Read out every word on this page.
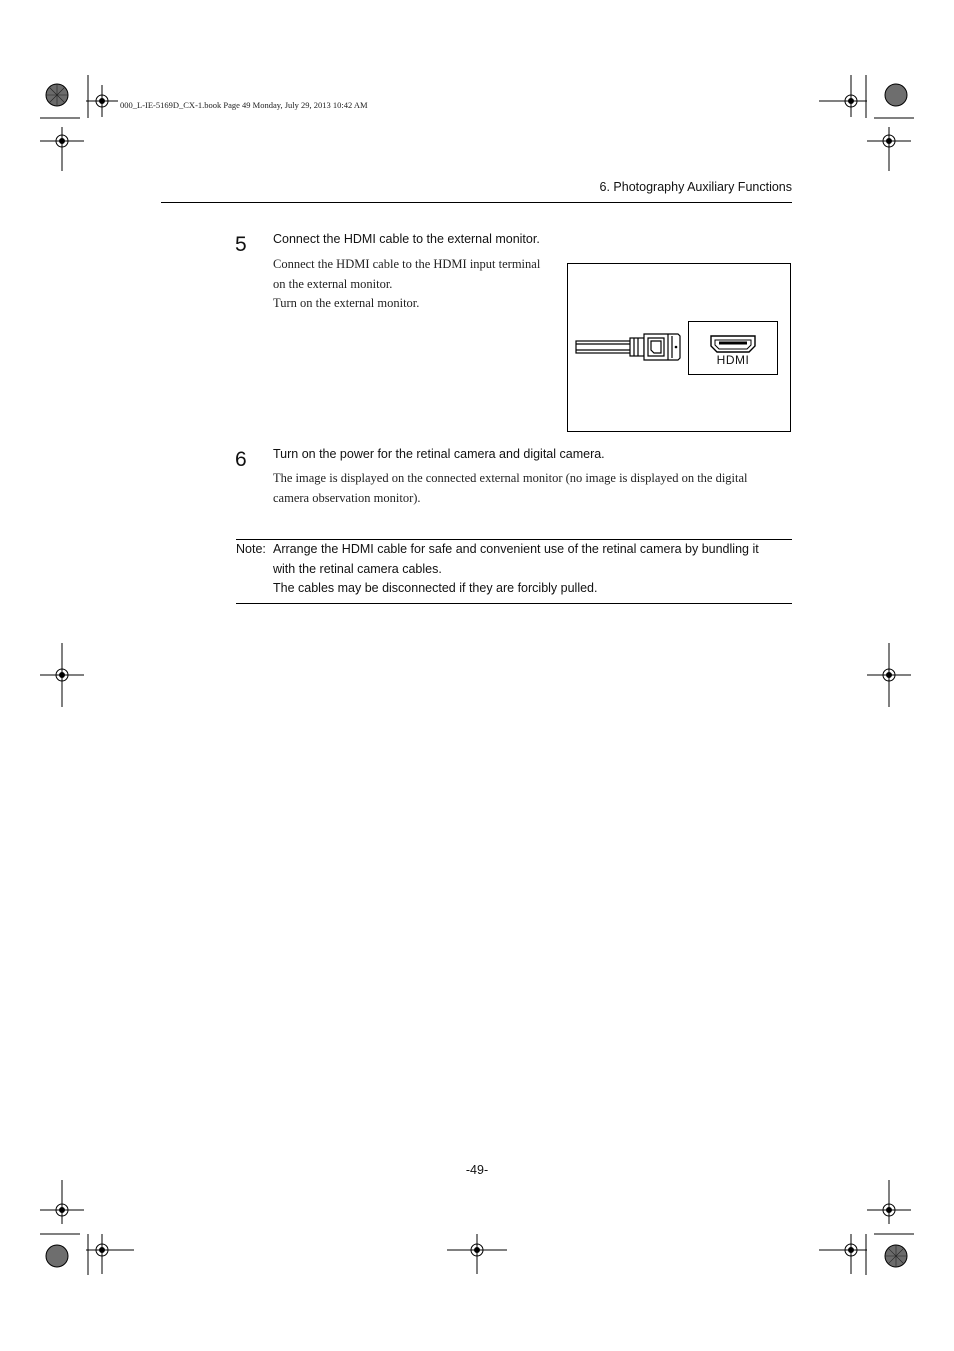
000_L-IE-5169D_CX-1.book Page 49 Monday, July 29, 2013 10:42 AM
6. Photography Auxiliary Functions
5 Connect the HDMI cable to the external monitor.
Connect the HDMI cable to the HDMI input terminal
on the external monitor.
Turn on the external monitor.
HDMI
6 Turn on the power for the retinal camera and digital camera.
The image is displayed on the connected external monitor (no image is displayed on the digital
camera observation monitor).
Note: Arrange the HDMI cable for safe and convenient use of the retinal camera by bundling it
with the retinal camera cables.
The cables may be disconnected if they are forcibly pulled.
-49-
